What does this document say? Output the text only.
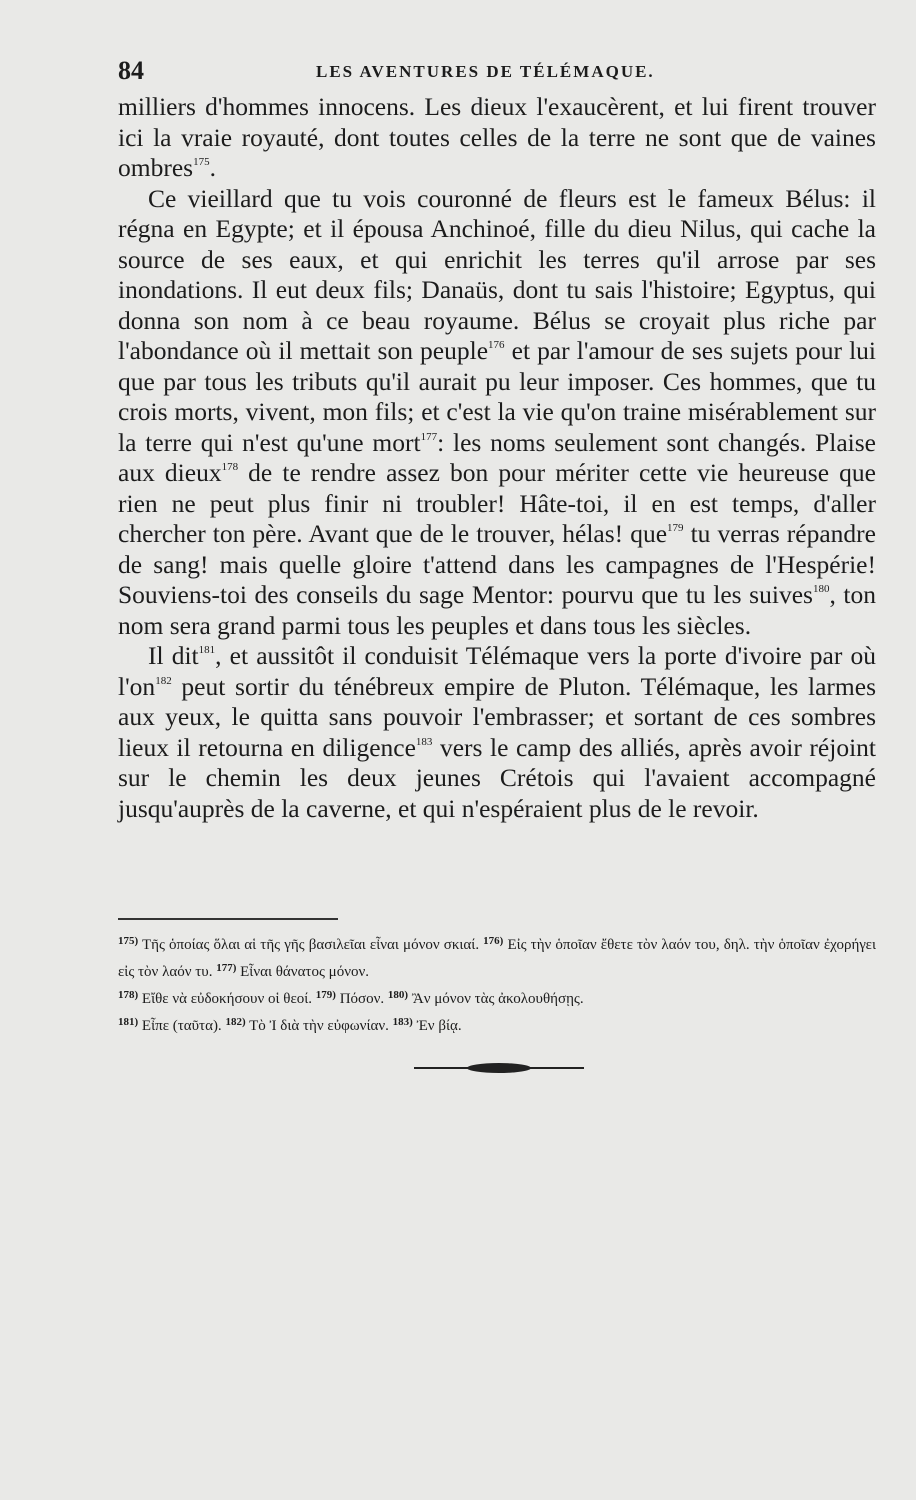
84	LES AVENTURES DE TÉLÉMAQUE.

milliers d'hommes innocens. Les dieux l'exaucèrent, et lui firent trouver ici la vraie royauté, dont toutes celles de la terre ne sont que de vaines ombres$^{175}$.

Ce vieillard que tu vois couronné de fleurs est le fameux Bélus: il régna en Egypte; et il épousa Anchinoé, fille du dieu Nilus, qui cache la source de ses eaux, et qui enrichit les terres qu'il arrose par ses inondations. Il eut deux fils; Danaüs, dont tu sais l'histoire; Egyptus, qui donna son nom à ce beau royaume. Bélus se croyait plus riche par l'abondance où il mettait son peuple$^{176}$ et par l'amour de ses sujets pour lui que par tous les tributs qu'il aurait pu leur imposer. Ces hommes, que tu crois morts, vivent, mon fils; et c'est la vie qu'on traine misérablement sur la terre qui n'est qu'une mort$^{177}$: les noms seulement sont changés. Plaise aux dieux$^{178}$ de te rendre assez bon pour mériter cette vie heureuse que rien ne peut plus finir ni troubler! Hâte-toi, il en est temps, d'aller chercher ton père. Avant que de le trouver, hélas! que$^{179}$ tu verras répandre de sang! mais quelle gloire t'attend dans les campagnes de l'Hespérie! Souviens-toi des conseils du sage Mentor: pourvu que tu les suives$^{180}$, ton nom sera grand parmi tous les peuples et dans tous les siècles.

Il dit$^{181}$, et aussitôt il conduisit Télémaque vers la porte d'ivoire par où $l'on^{182}$ peut sortir du ténébreux empire de Pluton. Télémaque, les larmes aux yeux, le quitta sans pouvoir l'embrasser; et sortant de ces sombres lieux il retourna en diligence$^{183}$ vers le camp des alliés, après avoir réjoint sur le chemin les deux jeunes Crétois qui l'avaient accompagné jusqu'auprès de la caverne, et qui n'espéraient plus de le revoir.

$^{175)}$ Τῆς ὁποίας ὅλαι αἱ τῆς γῆς βασιλεῖαι εἶναι μόνον σκιαί. $^{176)}$ Εἰς τὴν ὁποῖαν ἔθετε τὸν λαόν του, δηλ. τὴν ὁποῖαν ἐχορήγει εἰς τὸν λαόν τυ. $^{177)}$ Εἶναι θάνατος μόνον.

$^{178)}$ Εἴθε νὰ εὐδοκήσουν οἱ θεοί. $^{179)}$ Πόσον. $^{180)}$ Ἂν μόνον τὰς ἀκολουθήσῃς.

$^{181)}$ Εἶπε (ταῦτα). $^{182)}$ Τὸ Ἰ διὰ τὴν εὐφωνίαν. $^{183)}$ Ἐν βίᾳ.
